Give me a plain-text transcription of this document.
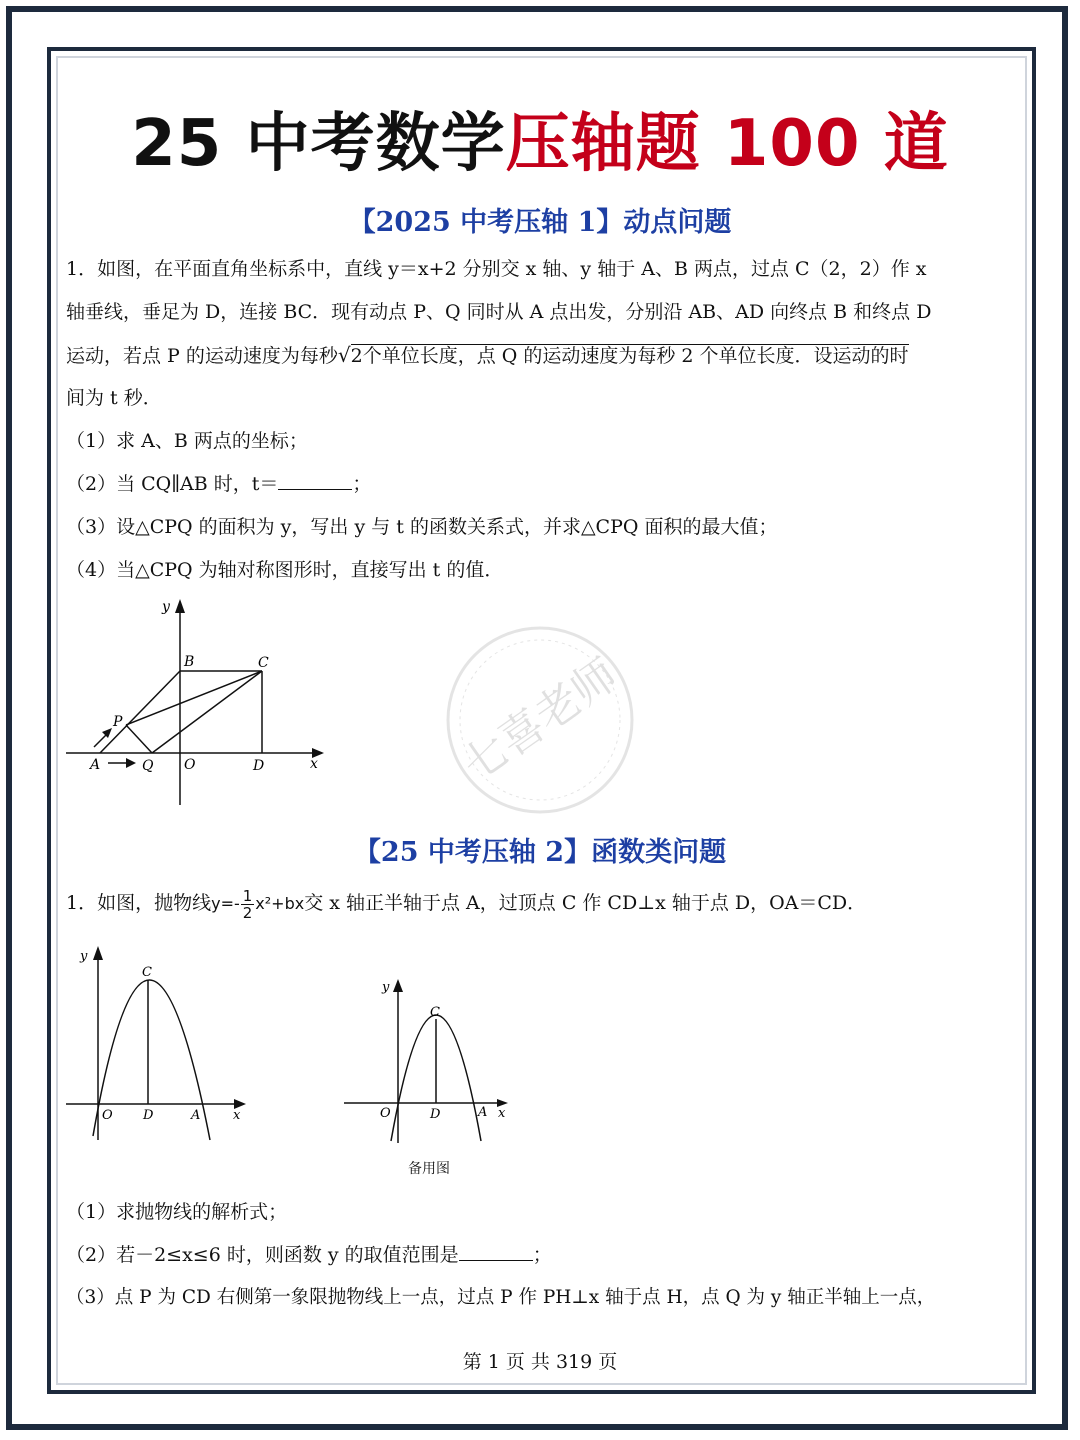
25 中考数学压轴题 100 道
【2025 中考压轴 1】动点问题
1．如图，在平面直角坐标系中，直线 y＝x+2 分别交 x 轴、y 轴于 A、B 两点，过点 C（2，2）作 x
轴垂线，垂足为 D，连接 BC．现有动点 P、Q 同时从 A 点出发，分别沿 AB、AD 向终点 B 和终点 D
运动，若点 P 的运动速度为每秒√2个单位长度，点 Q 的运动速度为每秒 2 个单位长度．设运动的时
间为 t 秒．
（1）求 A、B 两点的坐标；
（2）当 CQ∥AB 时，t＝	；
（3）设△CPQ 的面积为 y，写出 y 与 t 的函数关系式，并求△CPQ 面积的最大值；
（4）当△CPQ 为轴对称图形时，直接写出 t 的值．
y
x
B	C
P
A	Q O	D	七喜老师
【25 中考压轴 2】函数类问题
1．如图，抛物线$y=- \frac{1}{2}x^2+bx$交 x 轴正半轴于点 A，过顶点 C 作 CD⊥x 轴于点 D，OA＝CD．
y
x
C
O D	A
y
x
C
O	D	A
备用图
（1）求抛物线的解析式；
（2）若－2≤x≤6 时，则函数 y 的取值范围是	；
（3）点 P 为 CD 右侧第一象限抛物线上一点，过点 P 作 PH⊥x 轴于点 H，点 Q 为 y 轴正半轴上一点，
第 1 页 共 319 页
